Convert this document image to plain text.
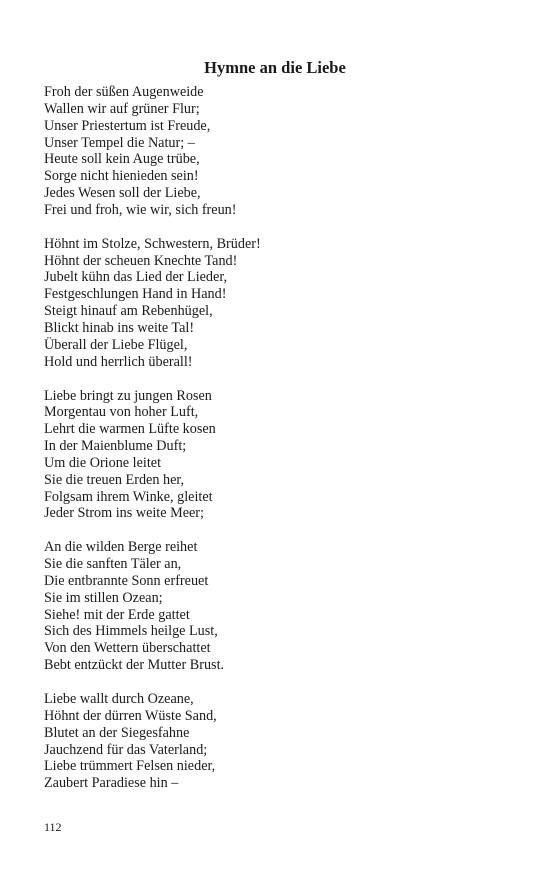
Hymne an die Liebe
Froh der süßen Augenweide
Wallen wir auf grüner Flur;
Unser Priestertum ist Freude,
Unser Tempel die Natur; –
Heute soll kein Auge trübe,
Sorge nicht hienieden sein!
Jedes Wesen soll der Liebe,
Frei und froh, wie wir, sich freun!
Höhnt im Stolze, Schwestern, Brüder!
Höhnt der scheuen Knechte Tand!
Jubelt kühn das Lied der Lieder,
Festgeschlungen Hand in Hand!
Steigt hinauf am Rebenhügel,
Blickt hinab ins weite Tal!
Überall der Liebe Flügel,
Hold und herrlich überall!
Liebe bringt zu jungen Rosen
Morgentau von hoher Luft,
Lehrt die warmen Lüfte kosen
In der Maienblume Duft;
Um die Orione leitet
Sie die treuen Erden her,
Folgsam ihrem Winke, gleitet
Jeder Strom ins weite Meer;
An die wilden Berge reihet
Sie die sanften Täler an,
Die entbrannte Sonn erfreuet
Sie im stillen Ozean;
Siehe! mit der Erde gattet
Sich des Himmels heilge Lust,
Von den Wettern überschattet
Bebt entzückt der Mutter Brust.
Liebe wallt durch Ozeane,
Höhnt der dürren Wüste Sand,
Blutet an der Siegesfahne
Jauchzend für das Vaterland;
Liebe trümmert Felsen nieder,
Zaubert Paradiese hin –
112
